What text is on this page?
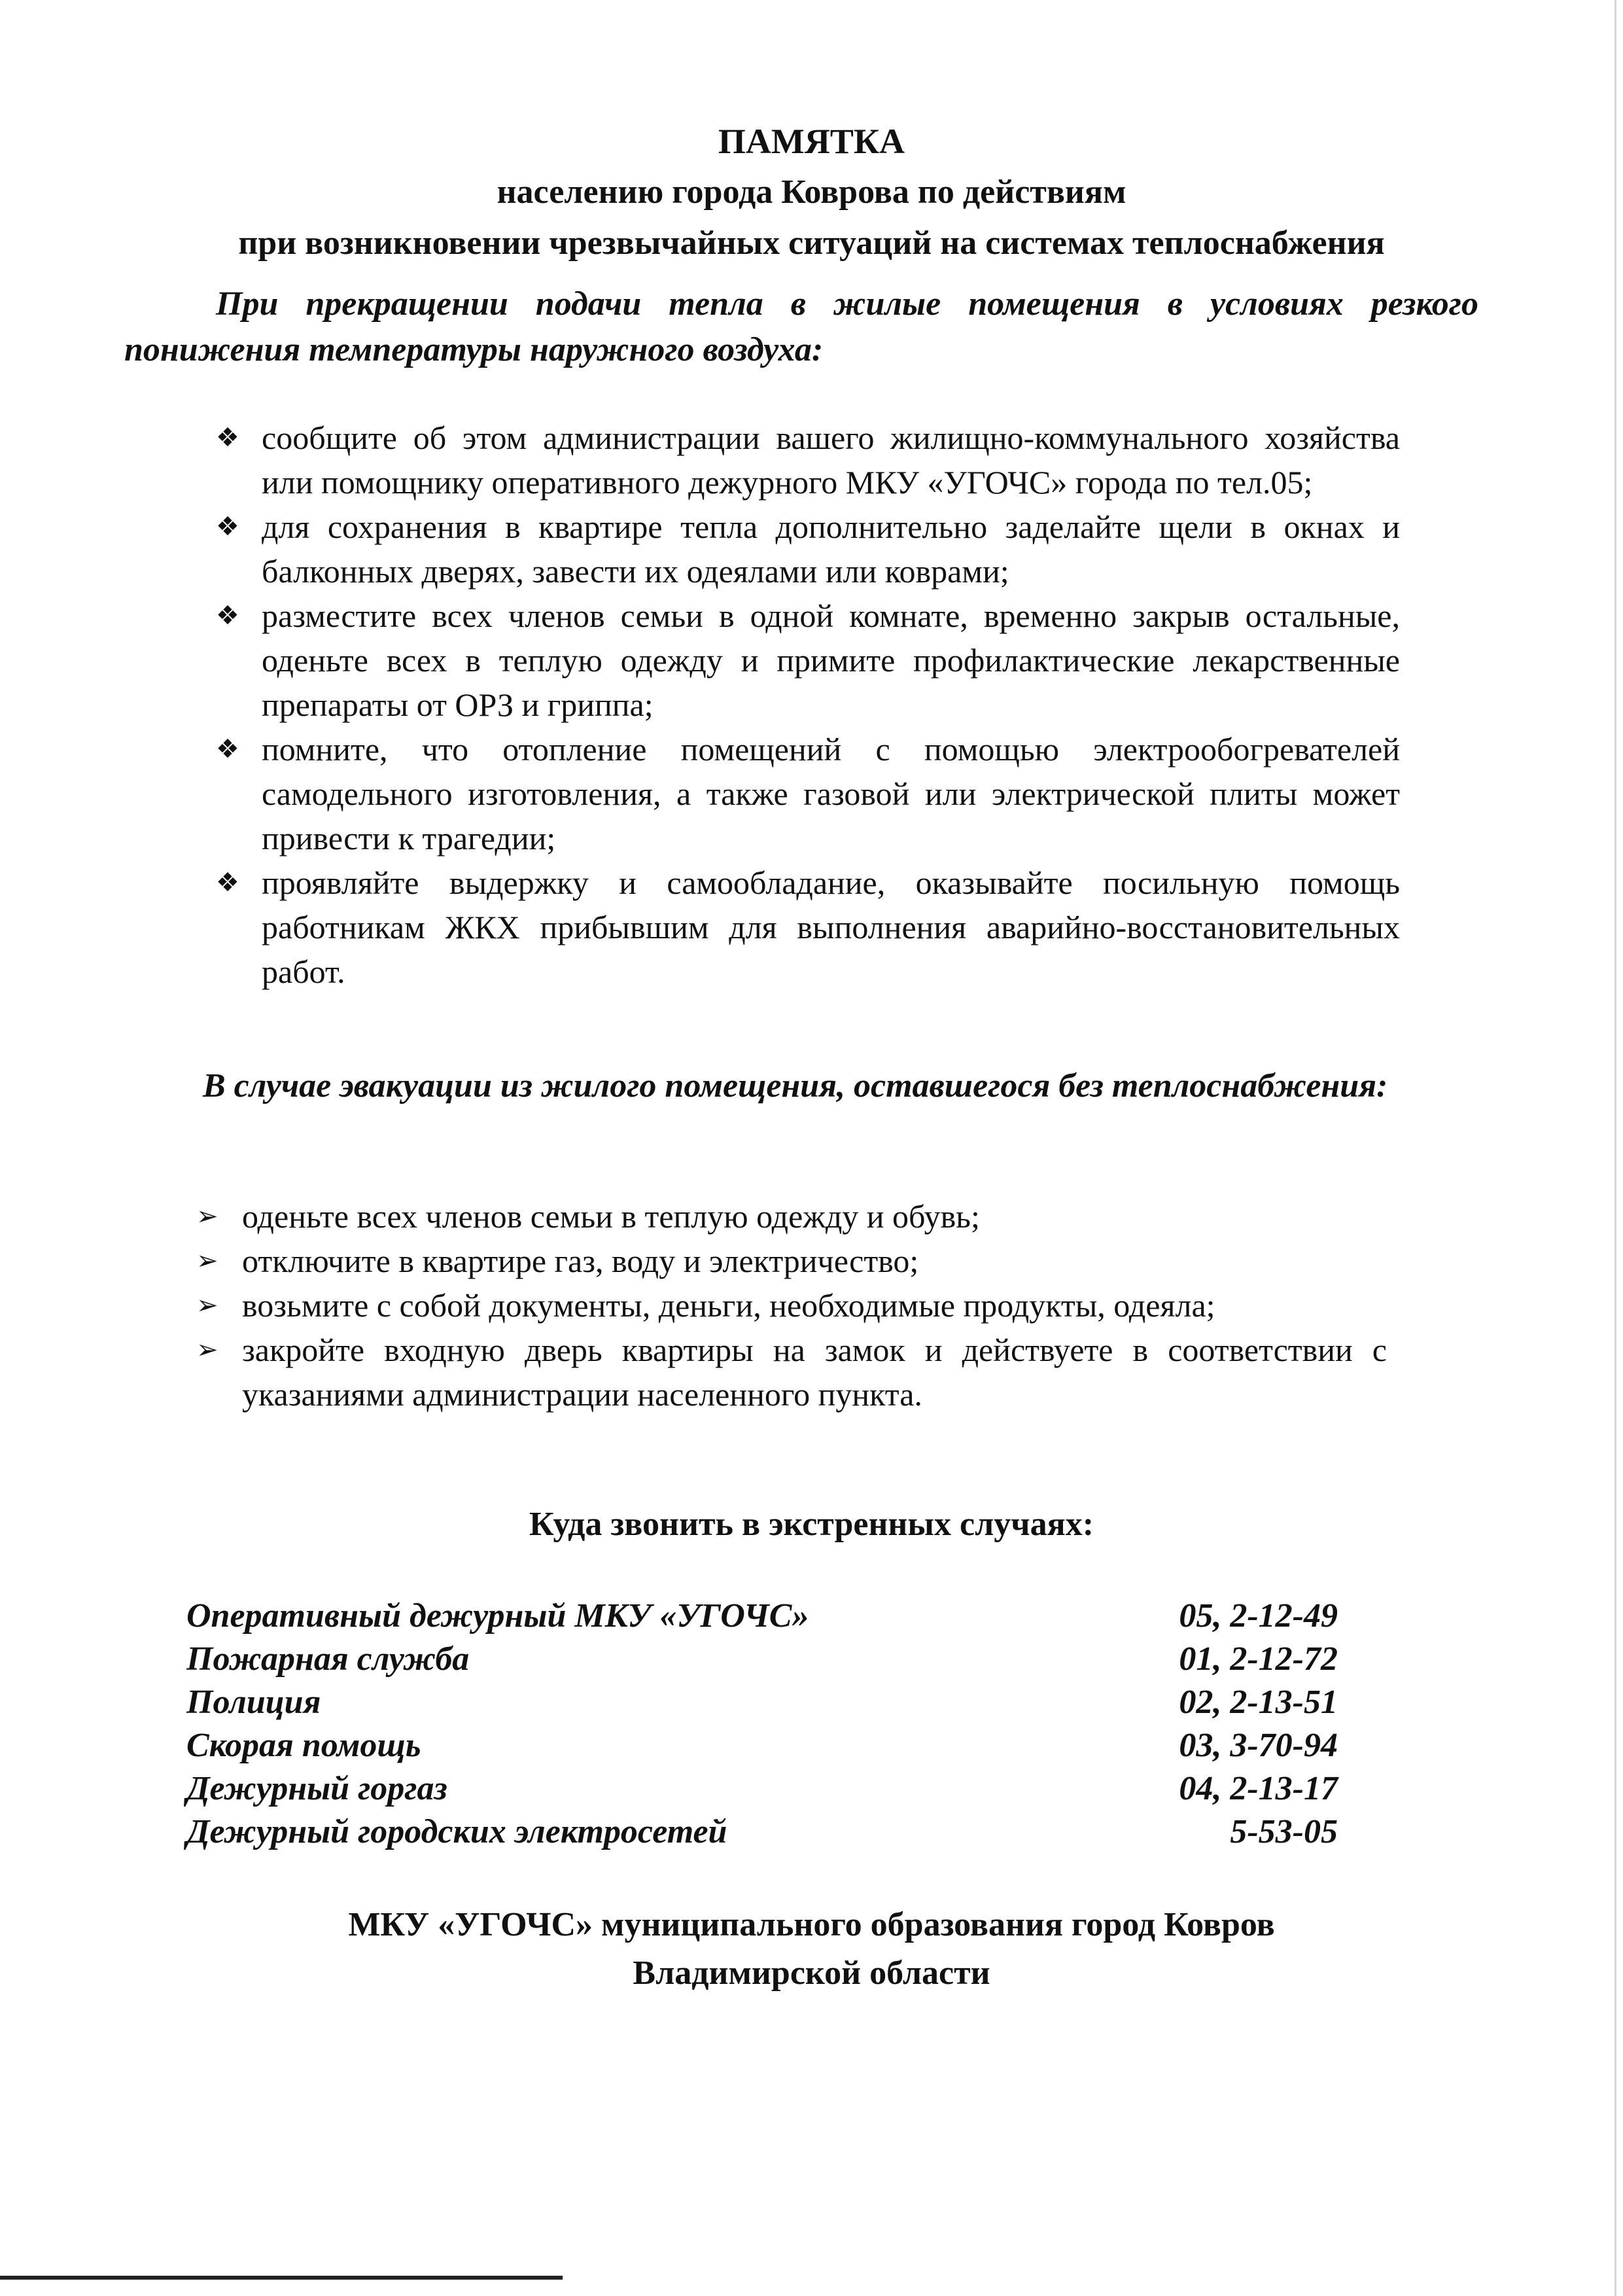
ПАМЯТКА
населению города Коврова по действиям
при возникновении чрезвычайных ситуаций на системах теплоснабжения
При прекращении подачи тепла в жилые помещения в условиях резкого понижения температуры наружного воздуха:
❖ сообщите об этом администрации вашего жилищно-коммунального хозяйства или помощнику оперативного дежурного МКУ «УГОЧС» города по тел.05;
❖ для сохранения в квартире тепла дополнительно заделайте щели в окнах и балконных дверях, завести их одеялами или коврами;
❖ разместите всех членов семьи в одной комнате, временно закрыв остальные, оденьте всех в теплую одежду и примите профилактические лекарственные препараты от ОРЗ и гриппа;
❖ помните, что отопление помещений с помощью электрообогревателей самодельного изготовления, а также газовой или электрической плиты может привести к трагедии;
❖ проявляйте выдержку и самообладание, оказывайте посильную помощь работникам ЖКХ прибывшим для выполнения аварийно-восстановительных работ.
В случае эвакуации из жилого помещения, оставшегося без теплоснабжения:
➢ оденьте всех членов семьи в теплую одежду и обувь;
➢ отключите в квартире газ, воду и электричество;
➢ возьмите с собой документы, деньги, необходимые продукты, одеяла;
➢ закройте входную дверь квартиры на замок и действуете в соответствии с указаниями администрации населенного пункта.
Куда звонить в экстренных случаях:
Оперативный дежурный МКУ «УГОЧС»	05, 2-12-49
Пожарная служба	01, 2-12-72
Полиция	02, 2-13-51
Скорая помощь	03, 3-70-94
Дежурный горгаз	04, 2-13-17
Дежурный городских электросетей	5-53-05
МКУ «УГОЧС» муниципального образования город Ковров
Владимирской области
